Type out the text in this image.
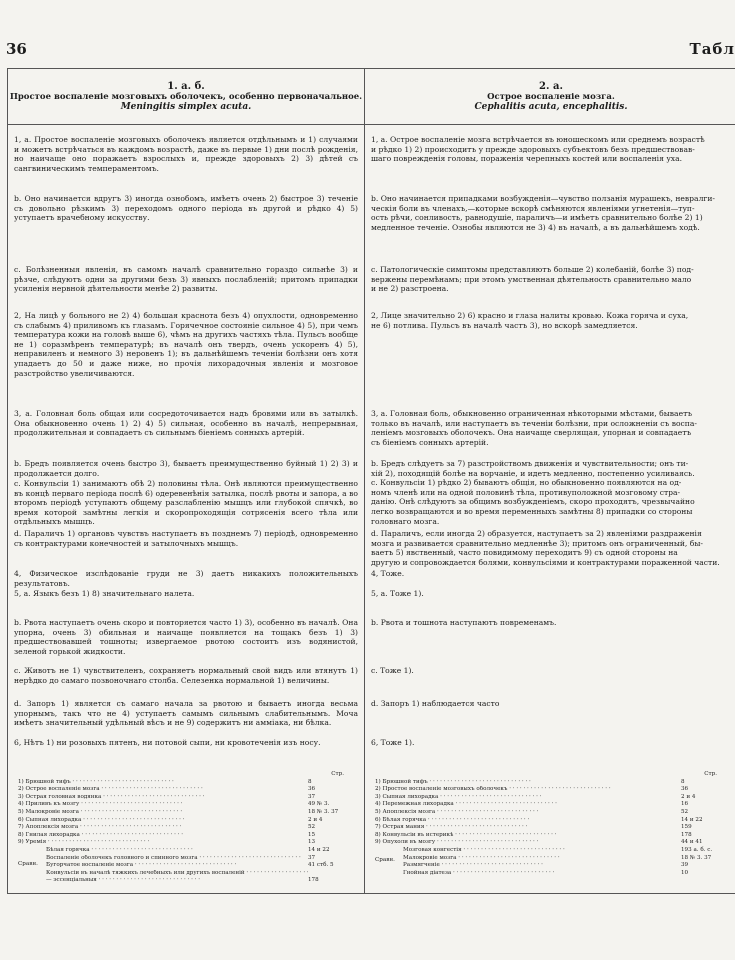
36	Табл
1. а. б.
Простое воспаленіе мозговыхъ оболочекъ, особенно первоначальное.
Meningitis simplex acuta.
1, а. Простое воспаленіе мозговыхъ оболочекъ является отдѣльнымъ и 1) случаями и можетъ встрѣчаться въ каждомъ возрастѣ, даже въ первые 1) дни послѣ рожденія, но наичаще оно поражаетъ взрослыхъ и, прежде здоровыхъ 2) 3) дѣтей съ сангвиническимъ темпераментомъ.
b. Оно начинается вдругъ 3) иногда ознобомъ, имѣетъ очень 2) быстрое 3) теченіе съ довольно рѣзкимъ 3) переходомъ одного періода въ другой и рѣдко 4) 5) уступаетъ врачебному искусству.
c. Болѣзненныя явленія, въ самомъ началѣ сравнительно гораздо сильнѣе 3) и рѣзче, слѣдуютъ одни за другими безъ 3) явныхъ послабленій; притомъ припадки усиленія нервной дѣятельности менѣе 2) развиты.
2, На лицѣ у больного не 2) 4) большая краснота безъ 4) опухлости, одновременно съ слабымъ 4) приливомъ къ глазамъ. Горячечное состояніе сильное 4) 5), при чемъ температура кожи на головѣ выше 6), чѣмъ на другихъ частяхъ тѣла. Пульсъ вообще не 1) соразмѣренъ температурѣ; въ началѣ онъ твердъ, очень ускоренъ 4) 5), неправиленъ и немного 3) неровенъ 1); въ дальнѣйшемъ теченіи болѣзни онъ хотя упадаетъ до 50 и даже ниже, но прочія лихорадочныя явленія и мозговое разстройство увеличиваются.
3, а. Головная боль общая или сосредоточивается надъ бровями или въ затылкѣ. Она обыкновенно очень 1) 2) 4) 5) сильная, особенно въ началѣ, непрерывная, продолжительная и совпадаетъ съ сильнымъ біеніемъ сонныхъ артерій.
b. Бредъ появляется очень быстро 3), бываетъ преимущественно буйный 1) 2) 3) и продолжается долго.
c. Конвульсіи 1) занимаютъ обѣ 2) половины тѣла. Онѣ являются преимущественно въ концѣ перваго періода послѣ 6) одеревенѣнія затылка, послѣ рвоты и запора, а во второмъ періодѣ уступаютъ общему разслабленію мышцъ или глубокой спячкѣ, во время которой замѣтны легкія и скоропроходящія сотрясенія всего тѣла или отдѣльныхъ мышцъ.
d. Параличъ 1) органовъ чувствъ наступаетъ въ позднемъ 7) періодѣ, одновременно съ контрактурами конечностей и затылочныхъ мышцъ.
4, Физическое изслѣдованіе груди не 3) даетъ никакихъ положительныхъ результатовъ.
5, а. Языкъ безъ 1) 8) значительнаго налета.
b. Рвота наступаетъ очень скоро и повторяется часто 1) 3), особенно въ началѣ. Она упорна, очень 3) обильная и наичаще появляется на тощакъ безъ 1) 3) предшествовавшей тошноты; извергаемое рвотою состоитъ изъ водянистой, зеленой горькой жидкости.
c. Животъ не 1) чувствителенъ, сохраняетъ нормальный свой видъ или втянутъ 1) нерѣдко до самаго позвоночнаго столба. Селезенка нормальной 1) величины.
d. Запоръ 1) является съ самаго начала за рвотою и бываетъ иногда весьма упорнымъ, такъ что не 4) уступаетъ самымъ сильнымъ слабительнымъ. Моча имѣетъ значительный удѣльный вѣсъ и не 9) содержитъ ни амміака, ни бѣлка.
6, Нѣтъ 1) ни розовыхъ пятенъ, ни потовой сыпи, ни кровотеченія изъ носу.
Стр.
1) Брюшной тифъ · · ·	8
2) Острое воспаленіе мозга · · ·	36
3) Острая головная водянка · · ·	37
4) Приливъ къ мозгу · · ·	49 № 3.
5) Малокровіе мозга · · ·	18 № 3. 37
6) Сыпная лихорадка · · ·	2 и 4
7) Апоплексія мозга · · ·	52
8) Гнилая лихорадка · · ·	15
9) Уремія · · ·	13
Сравн.
Бѣлая горячка · · ·	14 и 22
Воспаленіе оболочекъ головного и спинного мозга · · ·	37
Бугорчатое воспаленіе мозга · · ·	41 стб. 5
Конвульсіи въ началѣ тяжкихъ лечебныхъ или другихъ воспаленій · · ·
— эссенціальныя · · ·	178
2. а.
Острое воспаленіе мозга.
Cephalitis acuta, encephalitis.
1, а. Острое воспаленіе мозга встрѣчается въ юношескомъ или среднемъ возрастѣ
и рѣдко 1) 2) происходитъ у прежде здоровыхъ субъектовъ безъ предшествовав-
шаго поврежденія головы, пораженія черепныхъ костей или воспаленія уха.
b. Оно начинается припадками возбужденія—чувство ползанія мурашекъ, невралги-
ческія боли въ членахъ,—которые вскорѣ смѣняются явленіями угнетенія—туп-
ость рѣчи, сонливость, равнодушіе, параличъ—и имѣетъ сравнительно болѣе 2) 1)
медленное теченіе. Ознобы являются не 3) 4) въ началѣ, а въ дальнѣйшемъ ходѣ.
c. Патологическіе симптомы представляютъ больше 2) колебаній, болѣе 3) под-
вержены перемѣнамъ; при этомъ умственная дѣятельность сравнительно мало
и не 2) разстроена.
2, Лице значительно 2) 6) красно и глаза налиты кровью. Кожа горяча и суха,
не 6) потлива. Пульсъ въ началѣ частъ 3), но вскорѣ замедляется.
3, а. Головная боль, обыкновенно ограниченная нѣкоторыми мѣстами, бываетъ
только въ началѣ, или наступаетъ въ теченіи болѣзни, при осложненіи съ воспа-
леніемъ мозговыхъ оболочекъ. Она наичаще сверлящая, упорная и совпадаетъ
съ біеніемъ сонныхъ артерій.
b. Бредъ слѣдуетъ за 7) разстройствомъ движенія и чувствительности; онъ ти-
хій 2), походящій болѣе на ворчаніе, и идетъ медленно, постепенно усиливаясь.
c. Конвульсіи 1) рѣдко 2) бываютъ общія, но обыкновенно появляются на од-
номъ членѣ или на одной половинѣ тѣла, противуположной мозговому стра-
данію. Онѣ слѣдуютъ за общимъ возбужденіемъ, скоро проходятъ, чрезвычайно
легко возвращаются и во время переменныхъ замѣтны 8) припадки со стороны
головнаго мозга.
d. Параличъ, если иногда 2) образуется, наступаетъ за 2) явленіями раздраженія
мозга и развивается сравнительно медленнѣе 3); притомъ онъ ограниченный, бы-
ваетъ 5) явственный, часто повидимому переходитъ 9) съ одной стороны на
другую и сопровождается болями, конвульсіями и контрактурами пораженной части.
4, Тоже.
5, а. Тоже 1).
b. Рвота и тошнота наступаютъ повременамъ.
c. Тоже 1).
d. Запоръ 1) наблюдается часто
6, Тоже 1).
Стр.
1) Брюшной тифъ · · ·	8
2) Простое воспаленіе мозговыхъ оболочекъ · · ·	36
3) Сыпная лихорадка · · ·	2 и 4
4) Перемежная лихорадка · · ·	16
5) Апоплексія мозга · · ·	52
6) Бѣлая горячка · · ·	14 и 22
7) Острая мания · · ·	159
8) Конвульсіи въ истерикѣ · · ·	178
9) Опухоли въ мозгу · · ·	44 и 41
Сравн.
Мозговая конгестія · · ·	193 а. б. с.
Малокровіе мозга · · ·	18 № 3. 37
Размягченіе · · ·	39
Гнойная діатеза · · ·	10
